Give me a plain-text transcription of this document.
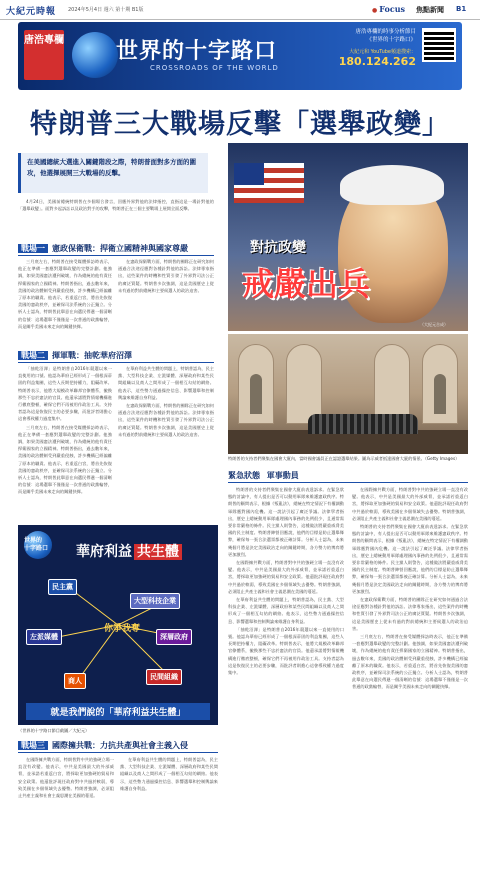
大紀元時報 2024年5月4日 週六 第十期 B1版	● Focus 焦點新聞 B1
唐浩專欄 世界的十字路口
CROSSROADS OF THE WORLD
唐浩專欄的時事分析節目
《世界的十字路口》
大紀元和 YouTube頻道搜索：
180.124.262
特朗普三大戰場反擊「選舉政變」
在美國總統大選進入關鍵階段之際，特朗普面對多方面的圍攻，他選擇展開三大戰場的反擊。

4月24日，美國前總統特朗普在多個場合發言，回應外界對他的法律指控，直指這是一場針對他的「選舉政變」。面對多起訴訟以及政治對手的攻擊，特朗普正在三個主要戰場上展開全面反擊。

戰場一 憲政保衛戰：捍衛立國精神與國家尊嚴

三月底左右，特朗普在接受媒體採訪時表示，他正在準備一套應對選舉政變的完整計劃。他強調，如果美國憲法遭到破壞，作為總統的他有責任捍衛國家的立國精神。特朗普指出，過去數年來，美國的政治體制受到嚴重侵蝕，許多機構已經偏離了原本的職責。他表示，若重返白宮，將首先恢復美國的憲政秩序，並確保司法系統的公正獨立。分析人士認為，特朗普此舉意在向選民傳遞一個清晰的信號：這場選舉不僅僅是一次普通的政黨輪替，而是關乎美國未來走向的關鍵抉擇。

在憲政保衛戰方面，特朗普的團隊正在研究如何通過合法途徑應對各種針對他的訴訟。法律專家指出，這些案件的時機和性質引發了外界對司法公正的廣泛質疑。特朗普多次強調，這是美國歷史上從未有過的對前總統和主要候選人的政治迫害。

戰場二 揮軍戰：抽乾華府沼澤

「抽乾沼澤」是特朗普自2016年競選以來一直使用的口號。他認為華府已經形成了一個根深蒂固的利益集團，這些人長期把持權力，阻礙改革。特朗普表示，他將大規模改革聯邦官僚體系，撤換那些不忠於憲法的官員。他還承諾將對情報機構進行徹底整頓，確保它們不再被用作政治工具。支持者認為這是恢復民主的必要步驟，而批評者則擔心這會導致權力過度集中。

三月底左右，特朗普在接受媒體採訪時表示，他正在準備一套應對選舉政變的完整計劃。他強調，如果美國憲法遭到破壞，作為總統的他有責任捍衛國家的立國精神。特朗普指出，過去數年來，美國的政治體制受到嚴重侵蝕，許多機構已經偏離了原本的職責。他表示，若重返白宮，將首先恢復美國的憲政秩序，並確保司法系統的公正獨立。分析人士認為，特朗普此舉意在向選民傳遞一個清晰的信號：這場選舉不僅僅是一次普通的政黨輪替，而是關乎美國未來走向的關鍵抉擇。

在華府利益共生體的問題上，特朗普認為，民主黨、大型科技企業、左派媒體、深層政府和某些民間組織以及商人之間形成了一個相互勾結的網絡。他表示，這些勢力通過操控信息、影響選舉和控制輿論來維護自身利益。

在憲政保衛戰方面，特朗普的團隊正在研究如何通過合法途徑應對各種針對他的訴訟。法律專家指出，這些案件的時機和性質引發了外界對司法公正的廣泛質疑。特朗普多次強調，這是美國歷史上從未有過的對前總統和主要候選人的政治迫害。

對抗政變
戒嚴出兵
（大紀元合成）
特朗普的支持者們聚集在國會大廈內，當時國會議員正在認證選舉結果。圖為示威者抵達國會大廈的情景。（Getty Images）
緊急狀態 軍事動員

特朗普的支持者們聚集在國會大廈前表達訴求。在緊急狀態的討論中，有人提出是否可以動用軍隊來維護憲政秩序。特朗普的顧問表示，根據《叛亂法》，總統在特定情況下有權調動軍隊應對國內危機。這一說法引起了廣泛爭議。法律學者指出，歷史上總統動用軍隊處理國內事務的先例很少，且通常需要非常嚴格的條件。民主黨人則警告，這種做法將嚴重威脅美國的民主制度。特朗普陣營回應說，他們的目標是防止選舉舞弊，確保每一張合法選票都被正確計算。分析人士認為，未來幾個月將是決定美國政治走向的關鍵時期，各方勢力的博弈將更加激烈。

在國際擁共戰方面，特朗普對中共的強硬立場一直沒有改變。他表示，中共是美國最大的外部威脅，並承諾若重返白宮，將採取更加強硬的貿易和安全政策。他還批評現任政府對中共過於軟弱，導致美國在多個領域失去優勢。特朗普強調，必須阻止共產主義和社會主義思潮在美國的蔓延。

在華府利益共生體的問題上，特朗普認為，民主黨、大型科技企業、左派媒體、深層政府和某些民間組織以及商人之間形成了一個相互勾結的網絡。他表示，這些勢力通過操控信息、影響選舉和控制輿論來維護自身利益。

「抽乾沼澤」是特朗普自2016年競選以來一直使用的口號。他認為華府已經形成了一個根深蒂固的利益集團，這些人長期把持權力，阻礙改革。特朗普表示，他將大規模改革聯邦官僚體系，撤換那些不忠於憲法的官員。他還承諾將對情報機構進行徹底整頓，確保它們不再被用作政治工具。支持者認為這是恢復民主的必要步驟，而批評者則擔心這會導致權力過度集中。

在國際擁共戰方面，特朗普對中共的強硬立場一直沒有改變。他表示，中共是美國最大的外部威脅，並承諾若重返白宮，將採取更加強硬的貿易和安全政策。他還批評現任政府對中共過於軟弱，導致美國在多個領域失去優勢。特朗普強調，必須阻止共產主義和社會主義思潮在美國的蔓延。

特朗普的支持者們聚集在國會大廈前表達訴求。在緊急狀態的討論中，有人提出是否可以動用軍隊來維護憲政秩序。特朗普的顧問表示，根據《叛亂法》，總統在特定情況下有權調動軍隊應對國內危機。這一說法引起了廣泛爭議。法律學者指出，歷史上總統動用軍隊處理國內事務的先例很少，且通常需要非常嚴格的條件。民主黨人則警告，這種做法將嚴重威脅美國的民主制度。特朗普陣營回應說，他們的目標是防止選舉舞弊，確保每一張合法選票都被正確計算。分析人士認為，未來幾個月將是決定美國政治走向的關鍵時期，各方勢力的博弈將更加激烈。

在憲政保衛戰方面，特朗普的團隊正在研究如何通過合法途徑應對各種針對他的訴訟。法律專家指出，這些案件的時機和性質引發了外界對司法公正的廣泛質疑。特朗普多次強調，這是美國歷史上從未有過的對前總統和主要候選人的政治迫害。

三月底左右，特朗普在接受媒體採訪時表示，他正在準備一套應對選舉政變的完整計劃。他強調，如果美國憲法遭到破壞，作為總統的他有責任捍衛國家的立國精神。特朗普指出，過去數年來，美國的政治體制受到嚴重侵蝕，許多機構已經偏離了原本的職責。他表示，若重返白宮，將首先恢復美國的憲政秩序，並確保司法系統的公正獨立。分析人士認為，特朗普此舉意在向選民傳遞一個清晰的信號：這場選舉不僅僅是一次普通的政黨輪替，而是關乎美國未來走向的關鍵抉擇。

世界的
十字路口	華府利益 共生體
民主黨
大型科技企業
左派媒體	深層政府
民間組織
商人
你爭我奪
就是我們說的「華府利益共生體」
（世界的十字路口節目截圖／大紀元）
戰場三 國際擁共戰：力抗共產與社會主義入侵

在國際擁共戰方面，特朗普對中共的強硬立場一直沒有改變。他表示，中共是美國最大的外部威脅，並承諾若重返白宮，將採取更加強硬的貿易和安全政策。他還批評現任政府對中共過於軟弱，導致美國在多個領域失去優勢。特朗普強調，必須阻止共產主義和社會主義思潮在美國的蔓延。

在華府利益共生體的問題上，特朗普認為，民主黨、大型科技企業、左派媒體、深層政府和某些民間組織以及商人之間形成了一個相互勾結的網絡。他表示，這些勢力通過操控信息、影響選舉和控制輿論來維護自身利益。
